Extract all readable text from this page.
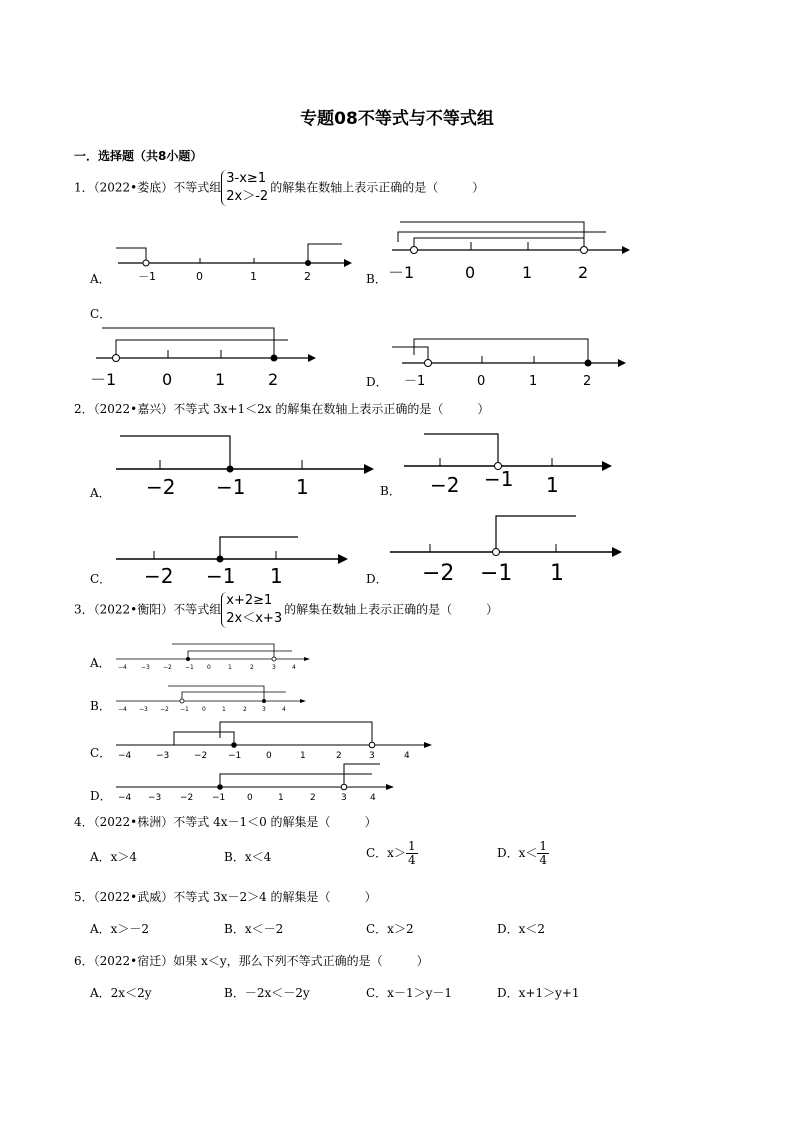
专题08不等式与不等式组
一．选择题（共8小题）
1．（2022•娄底）不等式组
3-x≥1
2x＞-2
的解集在数轴上表示正确的是（	）
A． －1	0	1	2	B． －1	0	1	2
C．
－1	0	1	2	D． －1	0	1	2
2．（2022•嘉兴）不等式 3x+1＜2x 的解集在数轴上表示正确的是（	）
A． −2 −1	1	B． −2 −1 1
C． −2 −1 1	D． −2 −1 1
3．（2022•衡阳）不等式组
x+2≥1
2x＜x+3
的解集在数轴上表示正确的是（	）
A． −4 −3 −2 −1 0	1	2	3	4
B． −4 −3 −2 −1 0	1	2	3	4
C． −4	−3	−2 −1	0	1	2	3	4
D． −4 −3 −2 −1 0	1	2	3	4
4．（2022•株洲）不等式 4x－1＜0 的解集是（	）
A．x＞4	B．x＜4	C．$x> \frac{1}{4}$	D．$x< \frac{1}{4}$
5．（2022•武威）不等式 3x－2＞4 的解集是（	）
A．x＞－2	B．x＜－2	C．x＞2	D．x＜2
6．（2022•宿迁）如果 x＜y，那么下列不等式正确的是（	）
A．2x＜2y	B．－2x＜－2y	C．x－1＞y－1	D．x+1＞y+1
